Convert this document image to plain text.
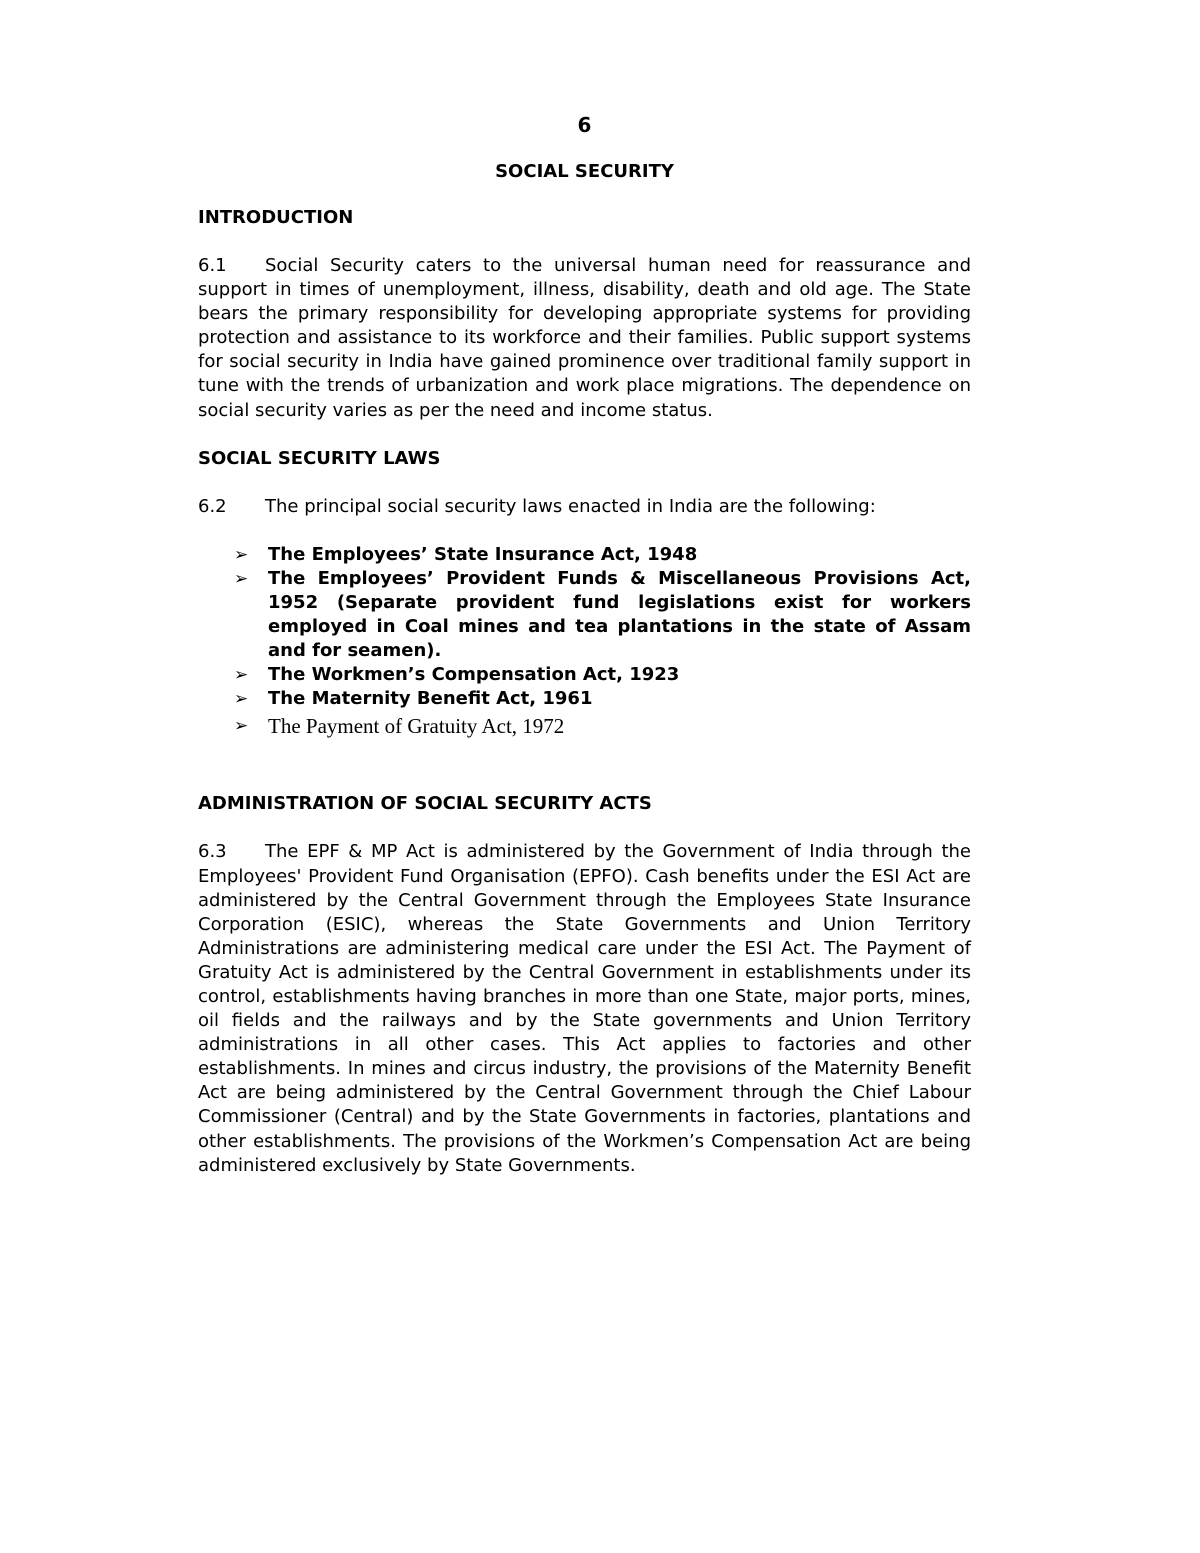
6
SOCIAL SECURITY
INTRODUCTION

6.1 Social Security caters to the universal human need for reassurance and support in times of unemployment, illness, disability, death and old age. The State bears the primary responsibility for developing appropriate systems for providing protection and assistance to its workforce and their families. Public support systems for social security in India have gained prominence over traditional family support in tune with the trends of urbanization and work place migrations. The dependence on social security varies as per the need and income status.

SOCIAL SECURITY LAWS

6.2 The principal social security laws enacted in India are the following:

➢ The Employees’ State Insurance Act, 1948
➢ The Employees’ Provident Funds & Miscellaneous Provisions Act, 1952 (Separate provident fund legislations exist for workers employed in Coal mines and tea plantations in the state of Assam and for seamen).
➢ The Workmen’s Compensation Act, 1923
➢ The Maternity Benefit Act, 1961
➢ The Payment of Gratuity Act, 1972
ADMINISTRATION OF SOCIAL SECURITY ACTS

6.3 The EPF & MP Act is administered by the Government of India through the Employees' Provident Fund Organisation (EPFO). Cash benefits under the ESI Act are administered by the Central Government through the Employees State Insurance Corporation (ESIC), whereas the State Governments and Union Territory Administrations are administering medical care under the ESI Act. The Payment of Gratuity Act is administered by the Central Government in establishments under its control, establishments having branches in more than one State, major ports, mines, oil fields and the railways and by the State governments and Union Territory administrations in all other cases. This Act applies to factories and other establishments. In mines and circus industry, the provisions of the Maternity Benefit Act are being administered by the Central Government through the Chief Labour Commissioner (Central) and by the State Governments in factories, plantations and other establishments. The provisions of the Workmen’s Compensation Act are being administered exclusively by State Governments.
